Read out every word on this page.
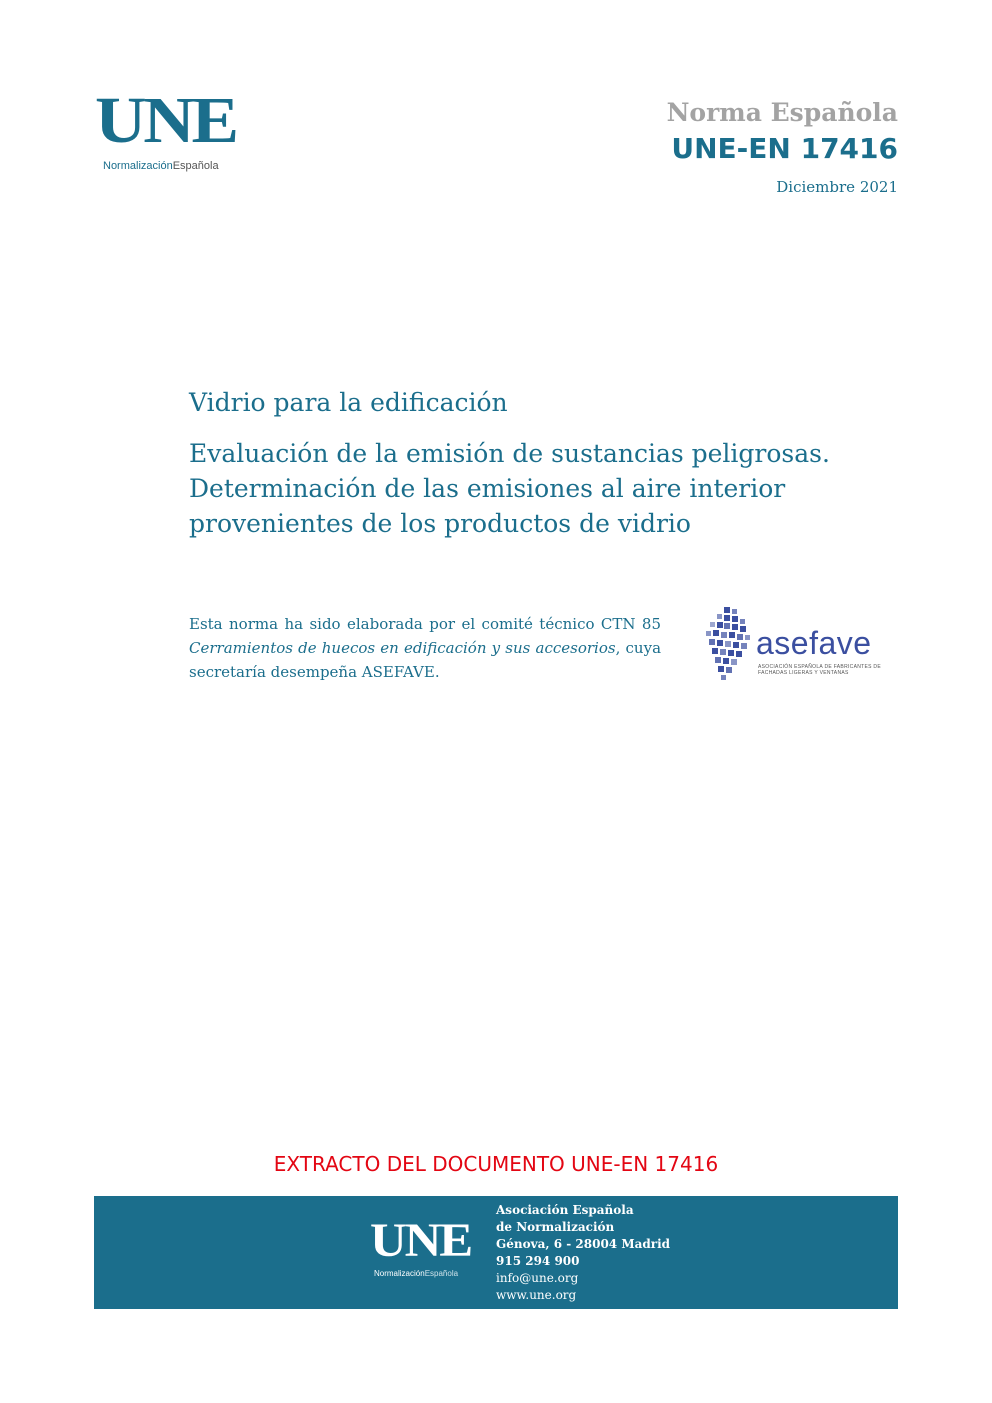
UNE
NormalizaciónEspañola
Norma Española
UNE-EN 17416
Diciembre 2021
Vidrio para la edificación
Evaluación de la emisión de sustancias peligrosas.
Determinación de las emisiones al aire interior
provenientes de los productos de vidrio
Esta norma ha sido elaborada por el comité técnico CTN 85 Cerramientos de huecos en edificación y sus accesorios, cuya secretaría desempeña ASEFAVE.
asefave
ASOCIACIÓN ESPAÑOLA DE FABRICANTES DE FACHADAS LIGERAS Y VENTANAS
EXTRACTO DEL DOCUMENTO UNE-EN 17416
UNE
NormalizaciónEspañola
Asociación Española
de Normalización
Génova, 6 - 28004 Madrid
915 294 900
info@une.org
www.une.org
